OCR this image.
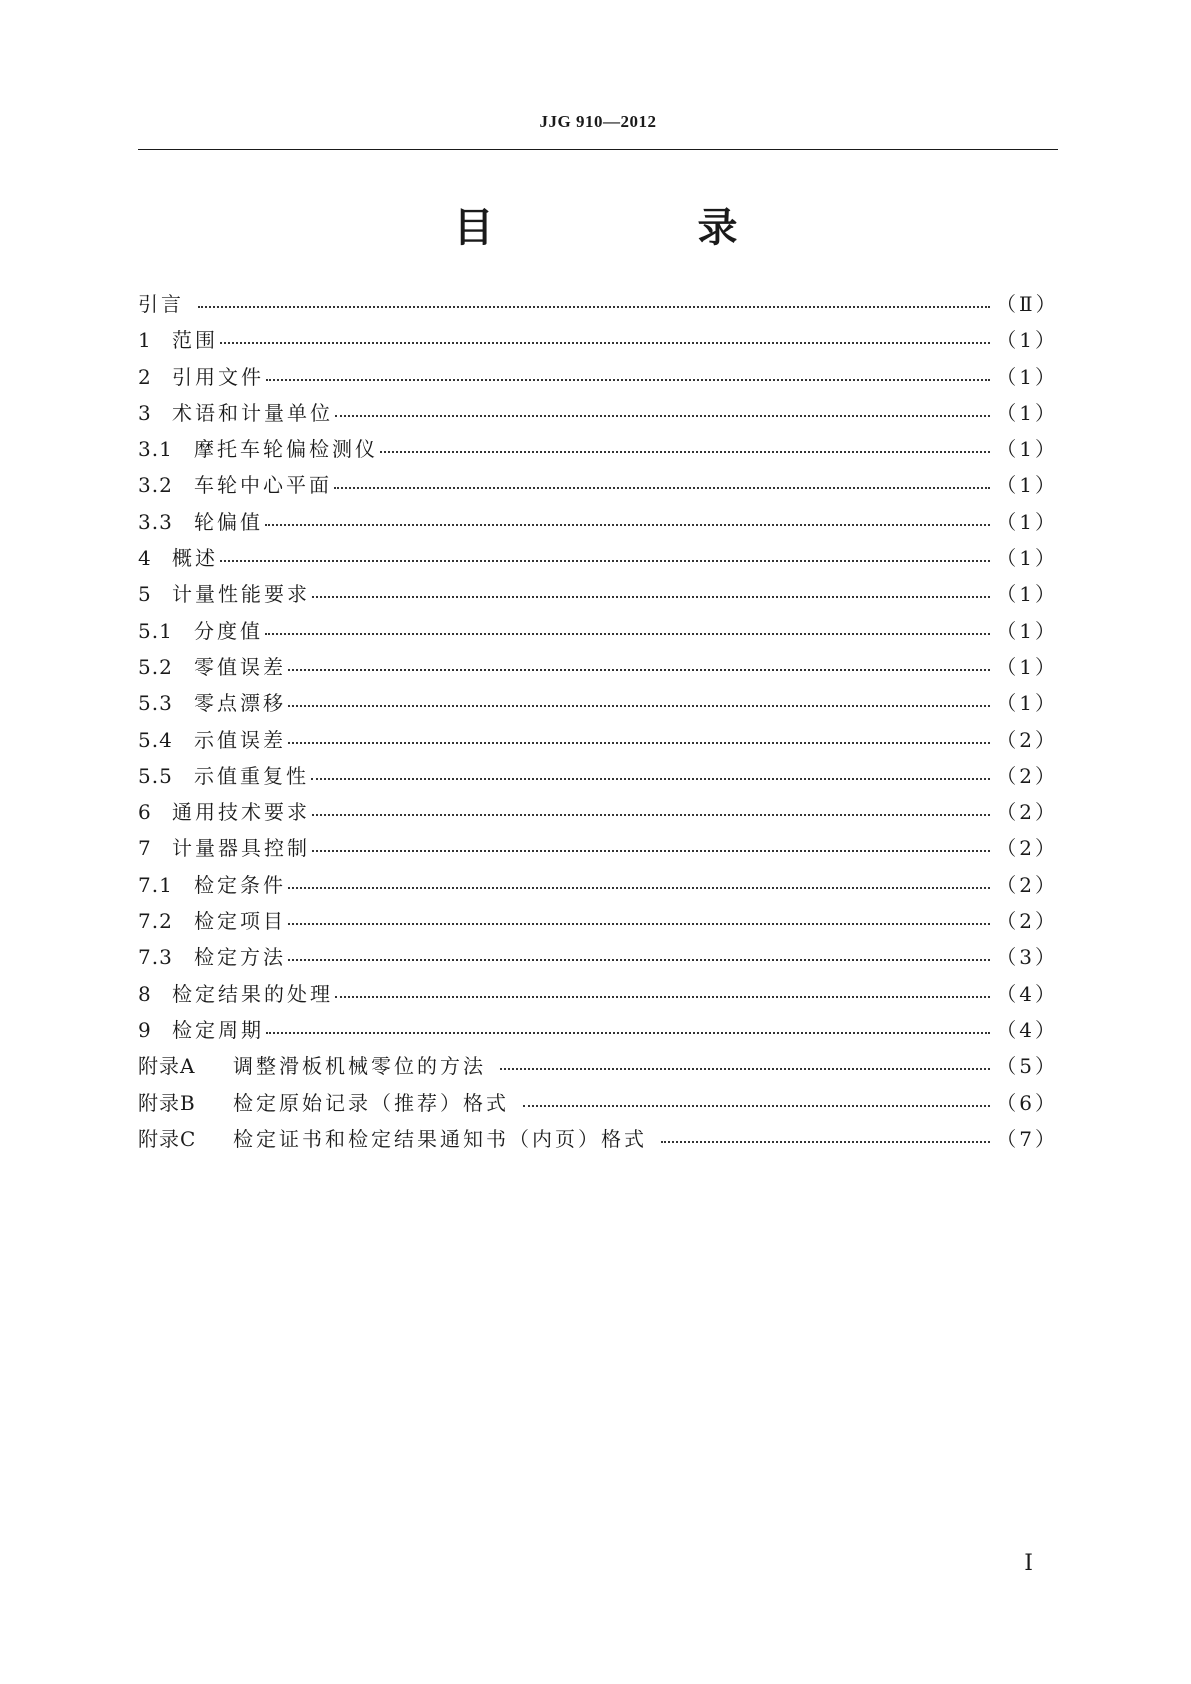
JJG 910—2012
目　录
引言	（Ⅱ）
1	范围	（1）
2	引用文件	（1）
3	术语和计量单位	（1）
3.1	摩托车轮偏检测仪	（1）
3.2	车轮中心平面	（1）
3.3	轮偏值	（1）
4	概述	（1）
5	计量性能要求	（1）
5.1	分度值	（1）
5.2	零值误差	（1）
5.3	零点漂移	（1）
5.4	示值误差	（2）
5.5	示值重复性	（2）
6	通用技术要求	（2）
7	计量器具控制	（2）
7.1	检定条件	（2）
7.2	检定项目	（2）
7.3	检定方法	（3）
8	检定结果的处理	（4）
9	检定周期	（4）
附录A	调整滑板机械零位的方法	（5）
附录B	检定原始记录（推荐）格式	（6）
附录C	检定证书和检定结果通知书（内页）格式	（7）
Ⅰ
